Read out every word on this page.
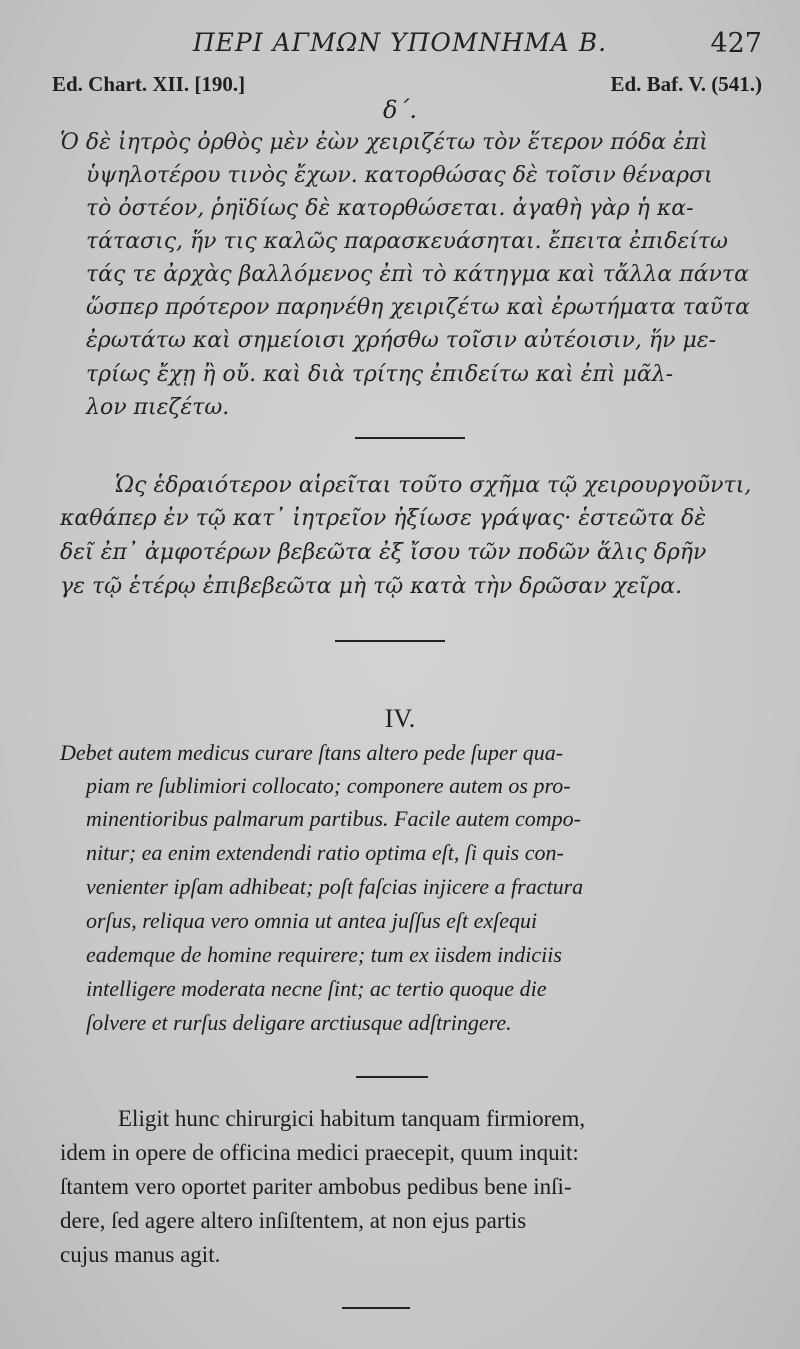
ΠΕΡΙ ΑΓΜΩΝ ΥΠΟΜΝΗΜΑ Β.	427
Ed. Chart. XII. [190.]	Ed. Baf. V. (541.)
δ΄.
Ὁ δὲ ἰητρὸς ὀρθὸς μὲν ἐὼν χειριζέτω τὸν ἕτερον πόδα ἐπὶ
ὑψηλοτέρου τινὸς ἔχων. κατορθώσας δὲ τοῖσιν θέναρσι
τὸ ὀστέον, ῥηϊδίως δὲ κατορθώσεται. ἀγαθὴ γὰρ ἡ κα-
τάτασις, ἥν τις καλῶς παρασκευάσηται. ἔπειτα ἐπιδείτω
τάς τε ἀρχὰς βαλλόμενος ἐπὶ τὸ κάτηγμα καὶ τἄλλα πάντα
ὥσπερ πρότερον παρηνέθη χειριζέτω καὶ ἐρωτήματα ταῦτα
ἐρωτάτω καὶ σημείοισι χρήσθω τοῖσιν αὐτέοισιν, ἥν με-
τρίως ἔχῃ ἢ οὔ. καὶ διὰ τρίτης ἐπιδείτω καὶ ἐπὶ μᾶλ-
λον πιεζέτω.
Ὡς ἑδραιότερον αἱρεῖται τοῦτο σχῆμα τῷ χειρουργοῦντι,
καθάπερ ἐν τῷ κατ᾽ ἰητρεῖον ἠξίωσε γράψας· ἑστεῶτα δὲ
δεῖ ἐπ᾽ ἀμφοτέρων βεβεῶτα ἐξ ἴσου τῶν ποδῶν ἅλις δρῆν
γε τῷ ἑτέρῳ ἐπιβεβεῶτα μὴ τῷ κατὰ τὴν δρῶσαν χεῖρα.
IV.
Debet autem medicus curare ſtans altero pede ſuper qua-
piam re ſublimiori collocato; componere autem os pro-
minentioribus palmarum partibus. Facile autem compo-
nitur; ea enim extendendi ratio optima eſt, ſi quis con-
venienter ipſam adhibeat; poſt faſcias injicere a fractura
orſus, reliqua vero omnia ut antea juſſus eſt exſequi
eademque de homine requirere; tum ex iisdem indiciis
intelligere moderata necne ſint; ac tertio quoque die
ſolvere et rurſus deligare arctiusque adſtringere.
Eligit hunc chirurgici habitum tanquam firmiorem,
idem in opere de officina medici praecepit, quum inquit:
ſtantem vero oportet pariter ambobus pedibus bene inſi-
dere, ſed agere altero inſiſtentem, at non ejus partis
cujus manus agit.
